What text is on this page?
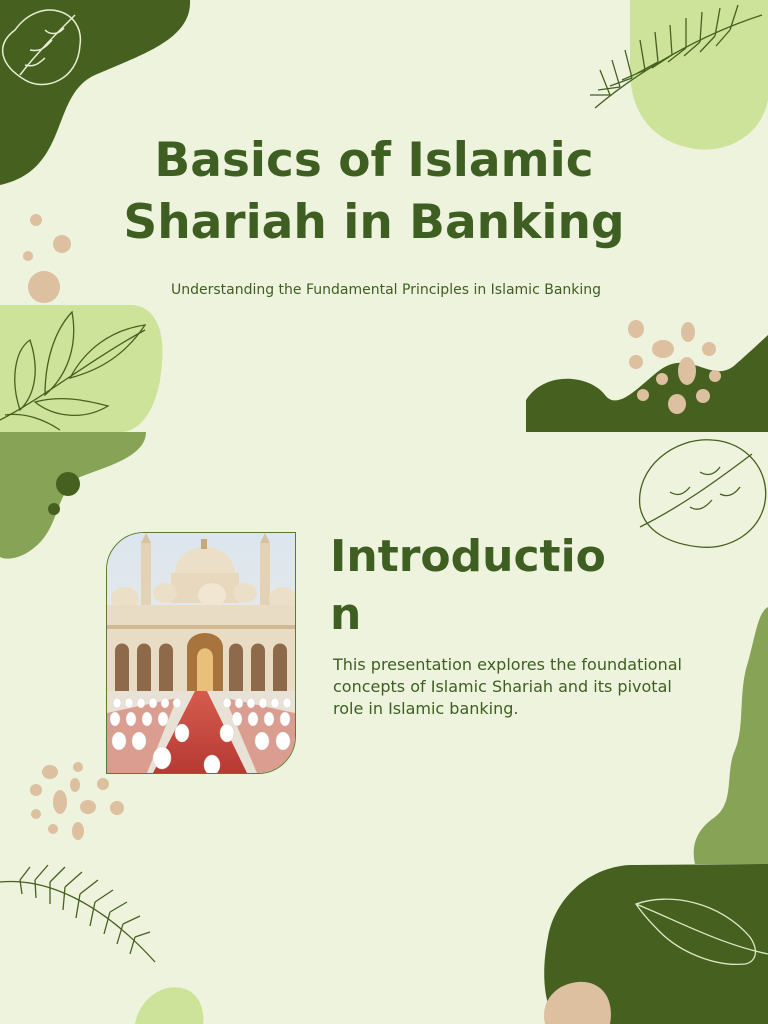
Basics of Islamic Shariah in Banking
Understanding the Fundamental Principles in Islamic Banking
Introduction

This presentation explores the foundational concepts of Islamic Shariah and its pivotal role in Islamic banking.
